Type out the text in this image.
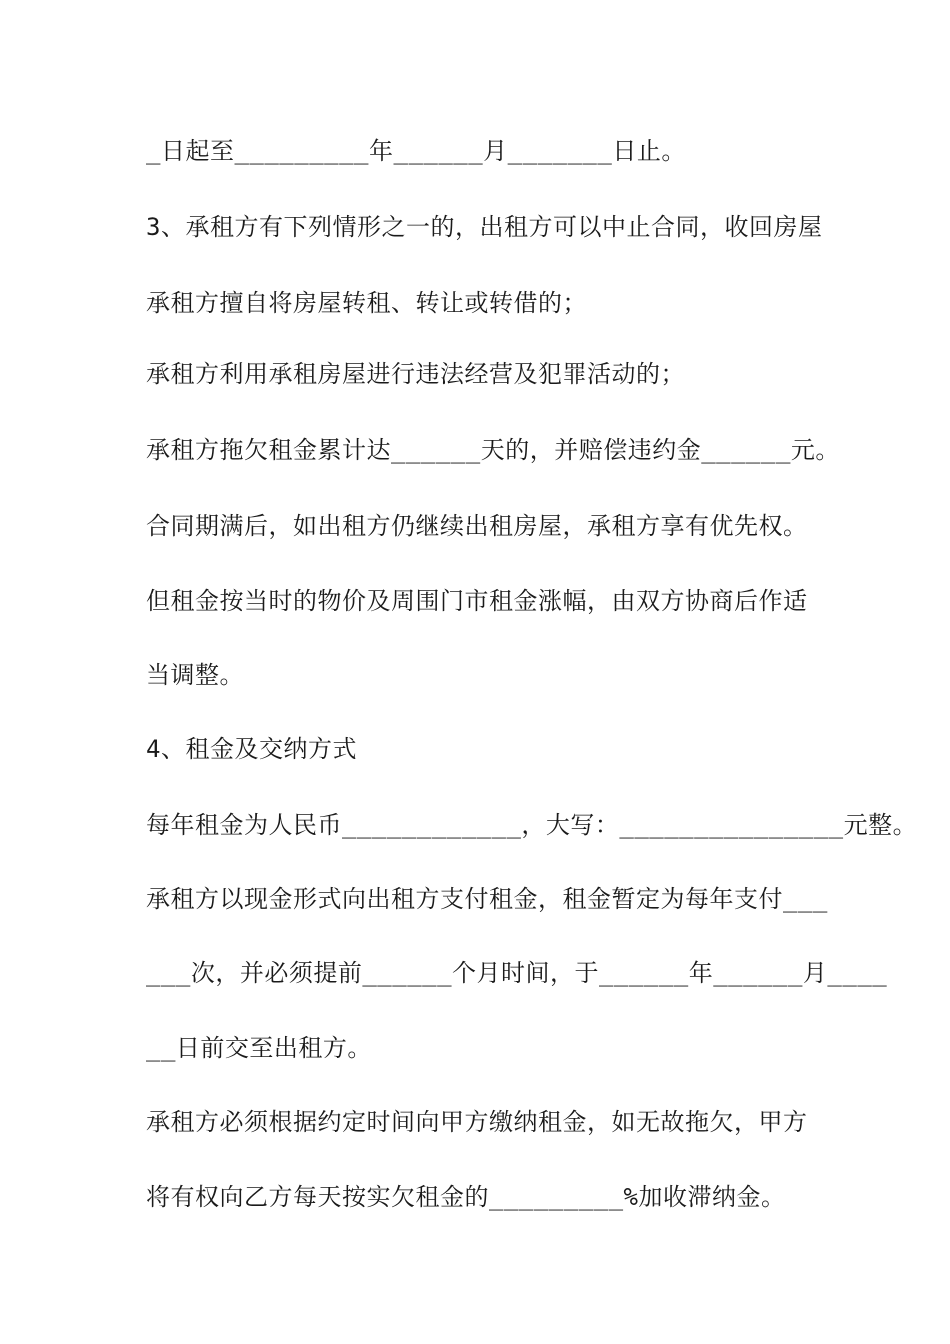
_日起至_________年______月_______日止。
3、承租方有下列情形之一的，出租方可以中止合同，收回房屋
承租方擅自将房屋转租、转让或转借的；
承租方利用承租房屋进行违法经营及犯罪活动的；
承租方拖欠租金累计达______天的，并赔偿违约金______元。
合同期满后，如出租方仍继续出租房屋，承租方享有优先权。
但租金按当时的物价及周围门市租金涨幅，由双方协商后作适
当调整。
4、租金及交纳方式
每年租金为人民币____________，大写：_______________元整。
承租方以现金形式向出租方支付租金，租金暂定为每年支付___
___次，并必须提前______个月时间，于______年______月____
__日前交至出租方。
承租方必须根据约定时间向甲方缴纳租金，如无故拖欠，甲方
将有权向乙方每天按实欠租金的_________%加收滞纳金。
